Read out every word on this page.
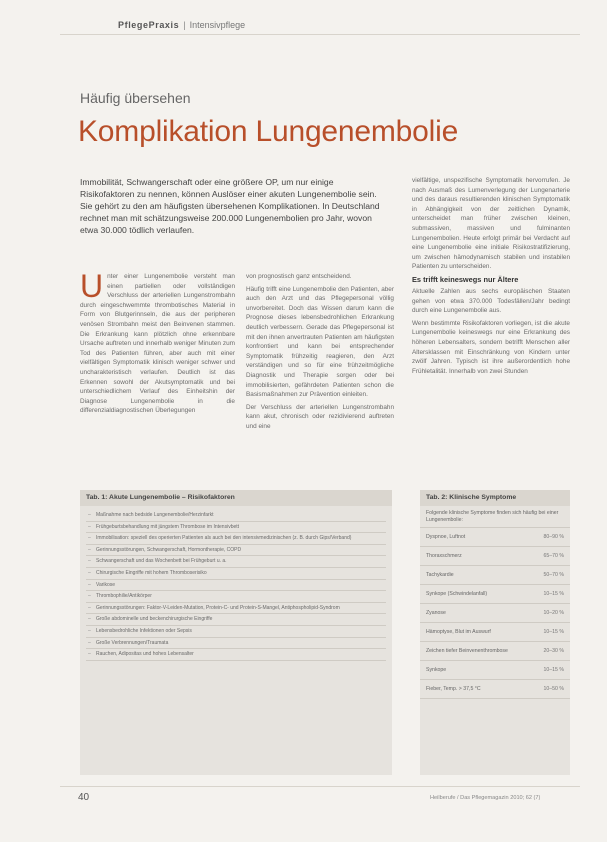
PflegePraxis | Intensivpflege
Häufig übersehen
Komplikation Lungenembolie
Immobilität, Schwangerschaft oder eine größere OP, um nur einige Risikofaktoren zu nennen, können Auslöser einer akuten Lungenembolie sein. Sie gehört zu den am häufigsten übersehenen Komplikationen. In Deutschland rechnet man mit schätzungsweise 200.000 Lungenembolien pro Jahr, wovon etwa 30.000 tödlich verlaufen.
Unter einer Lungenembolie versteht man einen partiellen oder vollständigen Verschluss der arteriellen Lungenstrombahn durch eingeschwemmte thrombotisches Material in Form von Blutgerinnseln, die aus der peripheren venösen Strombahn meist den Beinvenen stammen. Die Erkrankung kann plötzlich ohne erkennbare Ursache auftreten und innerhalb weniger Minuten zum Tod des Patienten führen, aber auch mit einer vielfältigen Symptomatik klinisch weniger schwer und uncharakteristisch verlaufen. Deutlich ist das Erkennen sowohl der Akutsymptomatik und bei unterschiedlichem Verlauf des Einheitshin der Diagnose Lungenembolie in die differenzialdiagnostischen Überlegungen

von prognostisch ganz entscheidend.

Häufig trifft eine Lungenembolie den Patienten, aber auch den Arzt und das Pflegepersonal völlig unvorbereitet. Doch das Wissen darum kann die Prognose dieses lebensbedrohlichen Erkrankung deutlich verbessern. Gerade das Pflegepersonal ist mit den ihnen anvertrauten Patienten am häufigsten konfrontiert und kann bei entsprechender Symptomatik frühzeitig reagieren, den Arzt verständigen und so für eine frühzeitmögliche Diagnostik und Therapie sorgen oder bei immobilisierten, gefährdeten Patienten schon die Basismaßnahmen zur Prävention einleiten.

Der Verschluss der arteriellen Lungenstrombahn kann akut, chronisch oder rezidivierend auftreten und eine

vielfältige, unspezifische Symptomatik hervorrufen. Je nach Ausmaß des Lumenverlegung der Lungenarterie und des daraus resultierenden klinischen Symptomatik in Abhängigkeit von der zeitlichen Dynamik, unterscheidet man früher zwischen kleinen, submassiven, massiven und fulminanten Lungenembolien. Heute erfolgt primär bei Verdacht auf eine Lungenembolie eine initiale Risikostratifizierung, um zwischen hämodynamisch stabilen und instabilen Patienten zu unterscheiden.

Es trifft keineswegs nur Ältere

Aktuelle Zahlen aus sechs europäischen Staaten gehen von etwa 370.000 Todesfällen/Jahr bedingt durch eine Lungenembolie aus.

Wenn bestimmte Risikofaktoren vorliegen, ist die akute Lungenembolie keineswegs nur eine Erkrankung des höheren Lebensalters, sondern betrifft Menschen aller Altersklassen mit Einschränkung von Kindern unter zwölf Jahren. Typisch ist ihre außerordentlich hohe Frühletalität. Innerhalb von zwei Stunden

Tab. 1: Akute Lungenembolie – Risikofaktoren
– Maßnahme nach bedside Lungenembolie/Herzinfarkt
– Frühgeburtsbehandlung mit jüngstem Thrombose im Intensivbett
– Immobilisation: speziell des operierten Patienten als auch bei den intensivmedizinischen (z. B. durch Gips/Verband)
– Gerinnungsstörungen, Schwangerschaft, Hormontherapie, COPD
– Schwangerschaft und das Wochenbett bei Frühgeburt u. a.
– Chirurgische Eingriffe mit hohem Thromboserisiko
– Varikose
– Thrombophilie/Antikörper
– Gerinnungsstörungen: Faktor-V-Leiden-Mutation, Protein-C- und Protein-S-Mangel, Antiphospholipid-Syndrom
– Große abdominelle und beckenchirurgische Eingriffe
– Lebensbedrohliche Infektionen oder Sepsis
– Große Verbrennungen/Traumata
– Rauchen, Adipositas und hohes Lebensalter
Tab. 2: Klinische Symptome
Folgende klinische Symptome finden sich häufig bei einer Lungenembolie:
Dyspnoe, Luftnot	80–90 %
Thoraxschmerz	65–70 %
Tachykardie	50–70 %
Synkope (Schwindelanfall)	10–15 %
Zyanose	10–20 %
Hämoptyse, Blut im Auswurf	10–15 %
Zeichen tiefer Beinvenenthrombose	20–30 %
Synkope	10–15 %
Fieber, Temp. > 37,5 °C	10–50 %
40	Heilberufe / Das Pflegemagazin 2010; 62 (7)
